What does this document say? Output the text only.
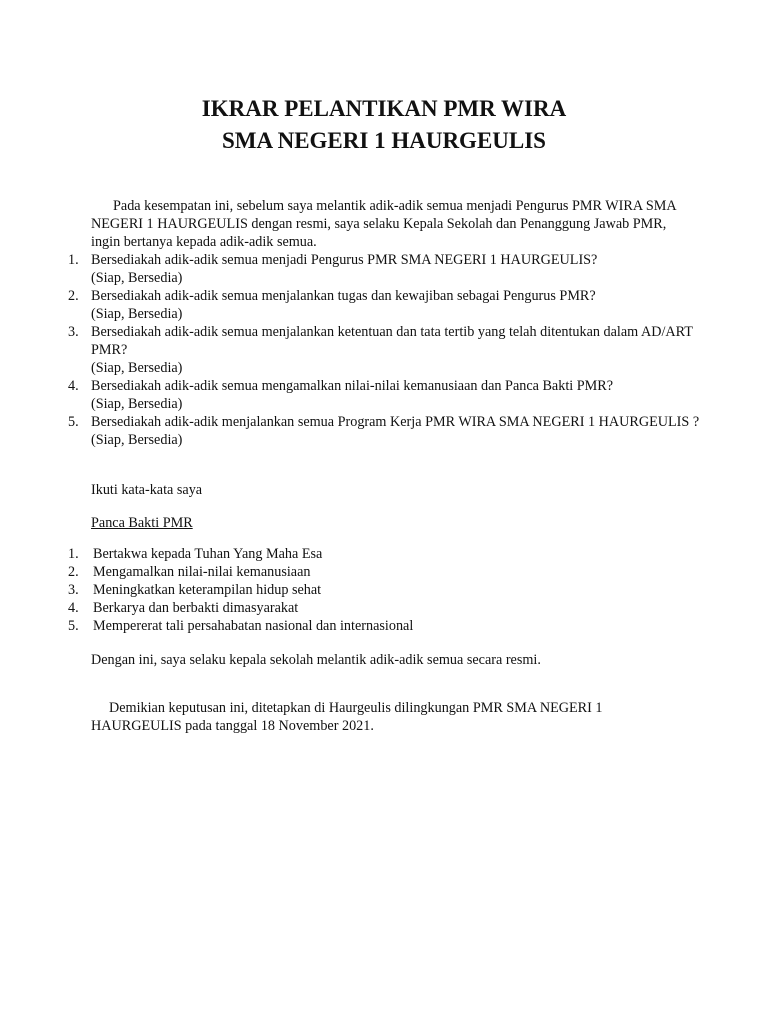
IKRAR PELANTIKAN PMR WIRA
SMA NEGERI 1 HAURGEULIS

Pada kesempatan ini, sebelum saya melantik adik-adik semua menjadi Pengurus PMR WIRA SMA NEGERI 1 HAURGEULIS dengan resmi, saya selaku Kepala Sekolah dan Penanggung Jawab PMR, ingin bertanya kepada adik-adik semua.

1. Bersediakah adik-adik semua menjadi Pengurus PMR SMA NEGERI 1 HAURGEULIS?
(Siap, Bersedia)
2. Bersediakah adik-adik semua menjalankan tugas dan kewajiban sebagai Pengurus PMR?
(Siap, Bersedia)
3. Bersediakah adik-adik semua menjalankan ketentuan dan tata tertib yang telah ditentukan dalam AD/ART PMR?
(Siap, Bersedia)
4. Bersediakah adik-adik semua mengamalkan nilai-nilai kemanusiaan dan Panca Bakti PMR?
(Siap, Bersedia)
5. Bersediakah adik-adik menjalankan semua Program Kerja PMR WIRA SMA NEGERI 1 HAURGEULIS ?
(Siap, Bersedia)

Ikuti kata-kata saya

Panca Bakti PMR

1. Bertakwa kepada Tuhan Yang Maha Esa
2. Mengamalkan nilai-nilai kemanusiaan
3. Meningkatkan keterampilan hidup sehat
4. Berkarya dan berbakti dimasyarakat
5. Mempererat tali persahabatan nasional dan internasional

Dengan ini, saya selaku kepala sekolah melantik adik-adik semua secara resmi.

Demikian keputusan ini, ditetapkan di Haurgeulis dilingkungan PMR SMA NEGERI 1 HAURGEULIS pada tanggal 18 November 2021.
